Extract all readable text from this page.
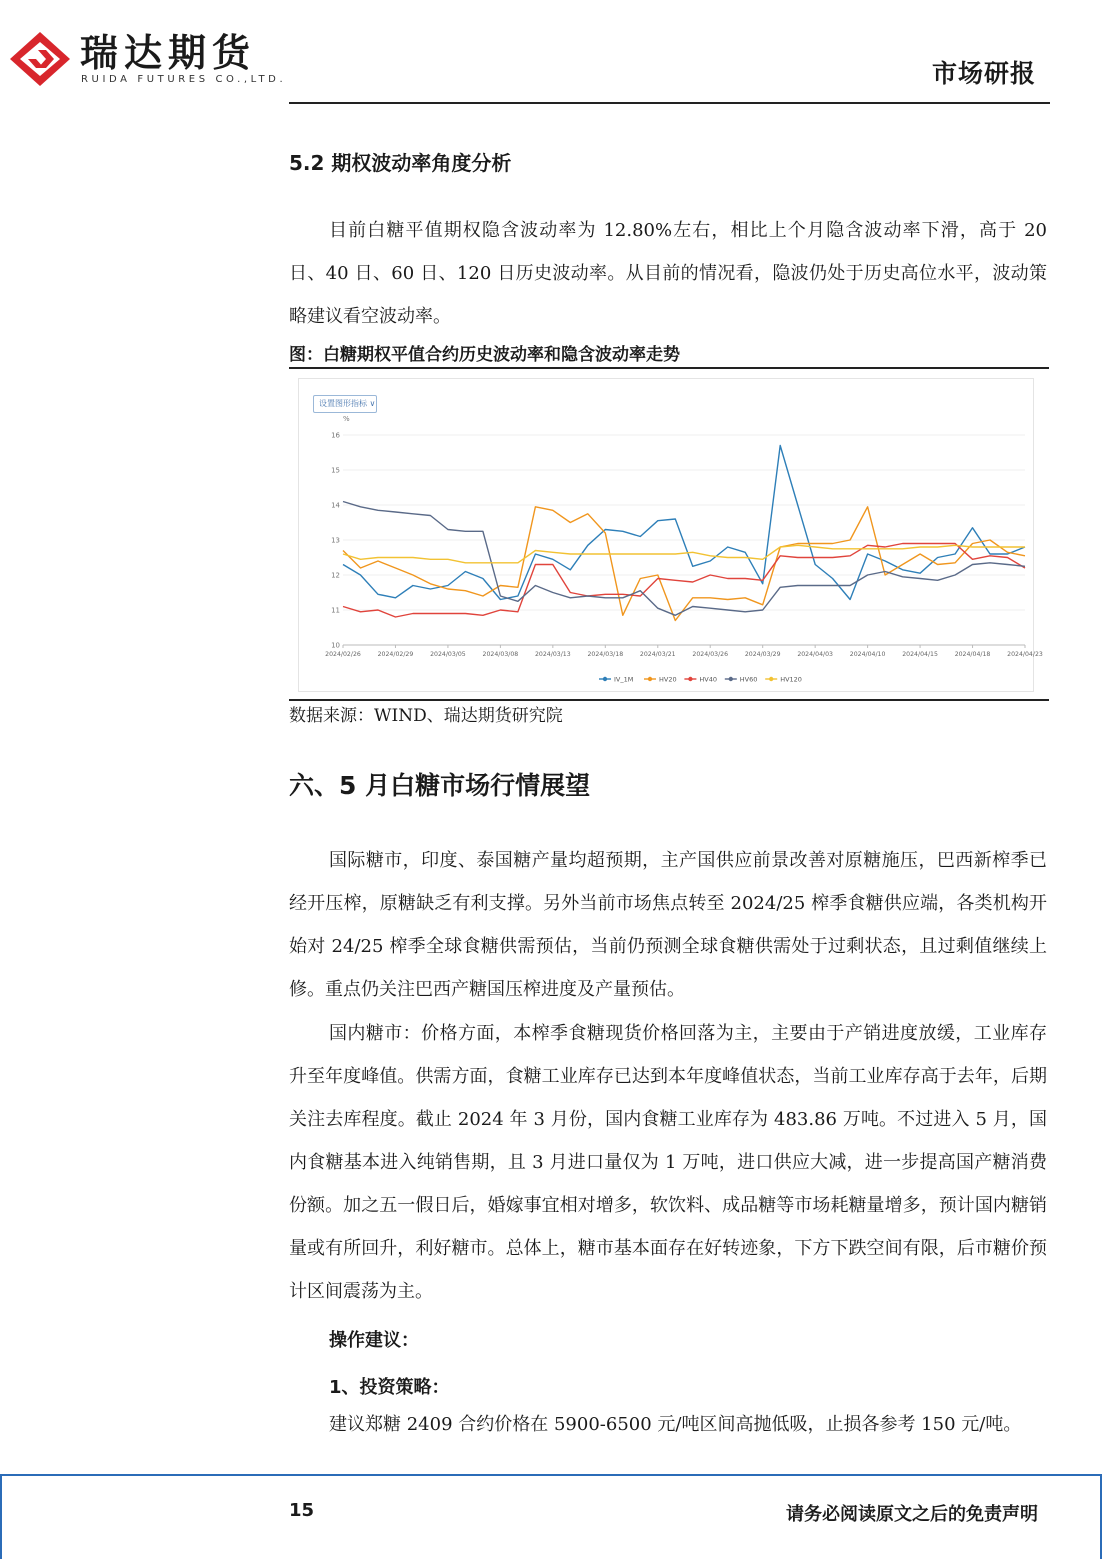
瑞达期货
RUIDA FUTURES CO.,LTD.	市场研报
5.2 期权波动率角度分析

目前白糖平值期权隐含波动率为 12.80%左右，相比上个月隐含波动率下滑，高于 20 日、40 日、60 日、120 日历史波动率。从目前的情况看，隐波仍处于历史高位水平，波动策略建议看空波动率。

图：白糖期权平值合约历史波动率和隐含波动率走势
设置图形指标 ∨
%
2024/02/26	2024/02/29	2024/03/05	2024/03/08	2024/03/13	2024/03/18	2024/03/21	2024/03/26	2024/03/29	2024/04/03	2024/04/10	2024/04/15	2024/04/18	2024/04/23
10
11
12
13
14
15
16
IV_1M	HV20	HV40	HV60	HV120
数据来源：WIND、瑞达期货研究院
六、5 月白糖市场行情展望

国际糖市，印度、泰国糖产量均超预期，主产国供应前景改善对原糖施压，巴西新榨季已经开压榨，原糖缺乏有利支撑。另外当前市场焦点转至 2024/25 榨季食糖供应端，各类机构开始对 24/25 榨季全球食糖供需预估，当前仍预测全球食糖供需处于过剩状态，且过剩值继续上修。重点仍关注巴西产糖国压榨进度及产量预估。

国内糖市：价格方面，本榨季食糖现货价格回落为主，主要由于产销进度放缓，工业库存升至年度峰值。供需方面，食糖工业库存已达到本年度峰值状态，当前工业库存高于去年，后期关注去库程度。截止 2024 年 3 月份，国内食糖工业库存为 483.86 万吨。不过进入 5 月，国内食糖基本进入纯销售期，且 3 月进口量仅为 1 万吨，进口供应大减，进一步提高国产糖消费份额。加之五一假日后，婚嫁事宜相对增多，软饮料、成品糖等市场耗糖量增多，预计国内糖销量或有所回升，利好糖市。总体上，糖市基本面存在好转迹象，下方下跌空间有限，后市糖价预计区间震荡为主。

操作建议：
1、投资策略：

建议郑糖 2409 合约价格在 5900-6500 元/吨区间高抛低吸，止损各参考 150 元/吨。

15	请务必阅读原文之后的免责声明
